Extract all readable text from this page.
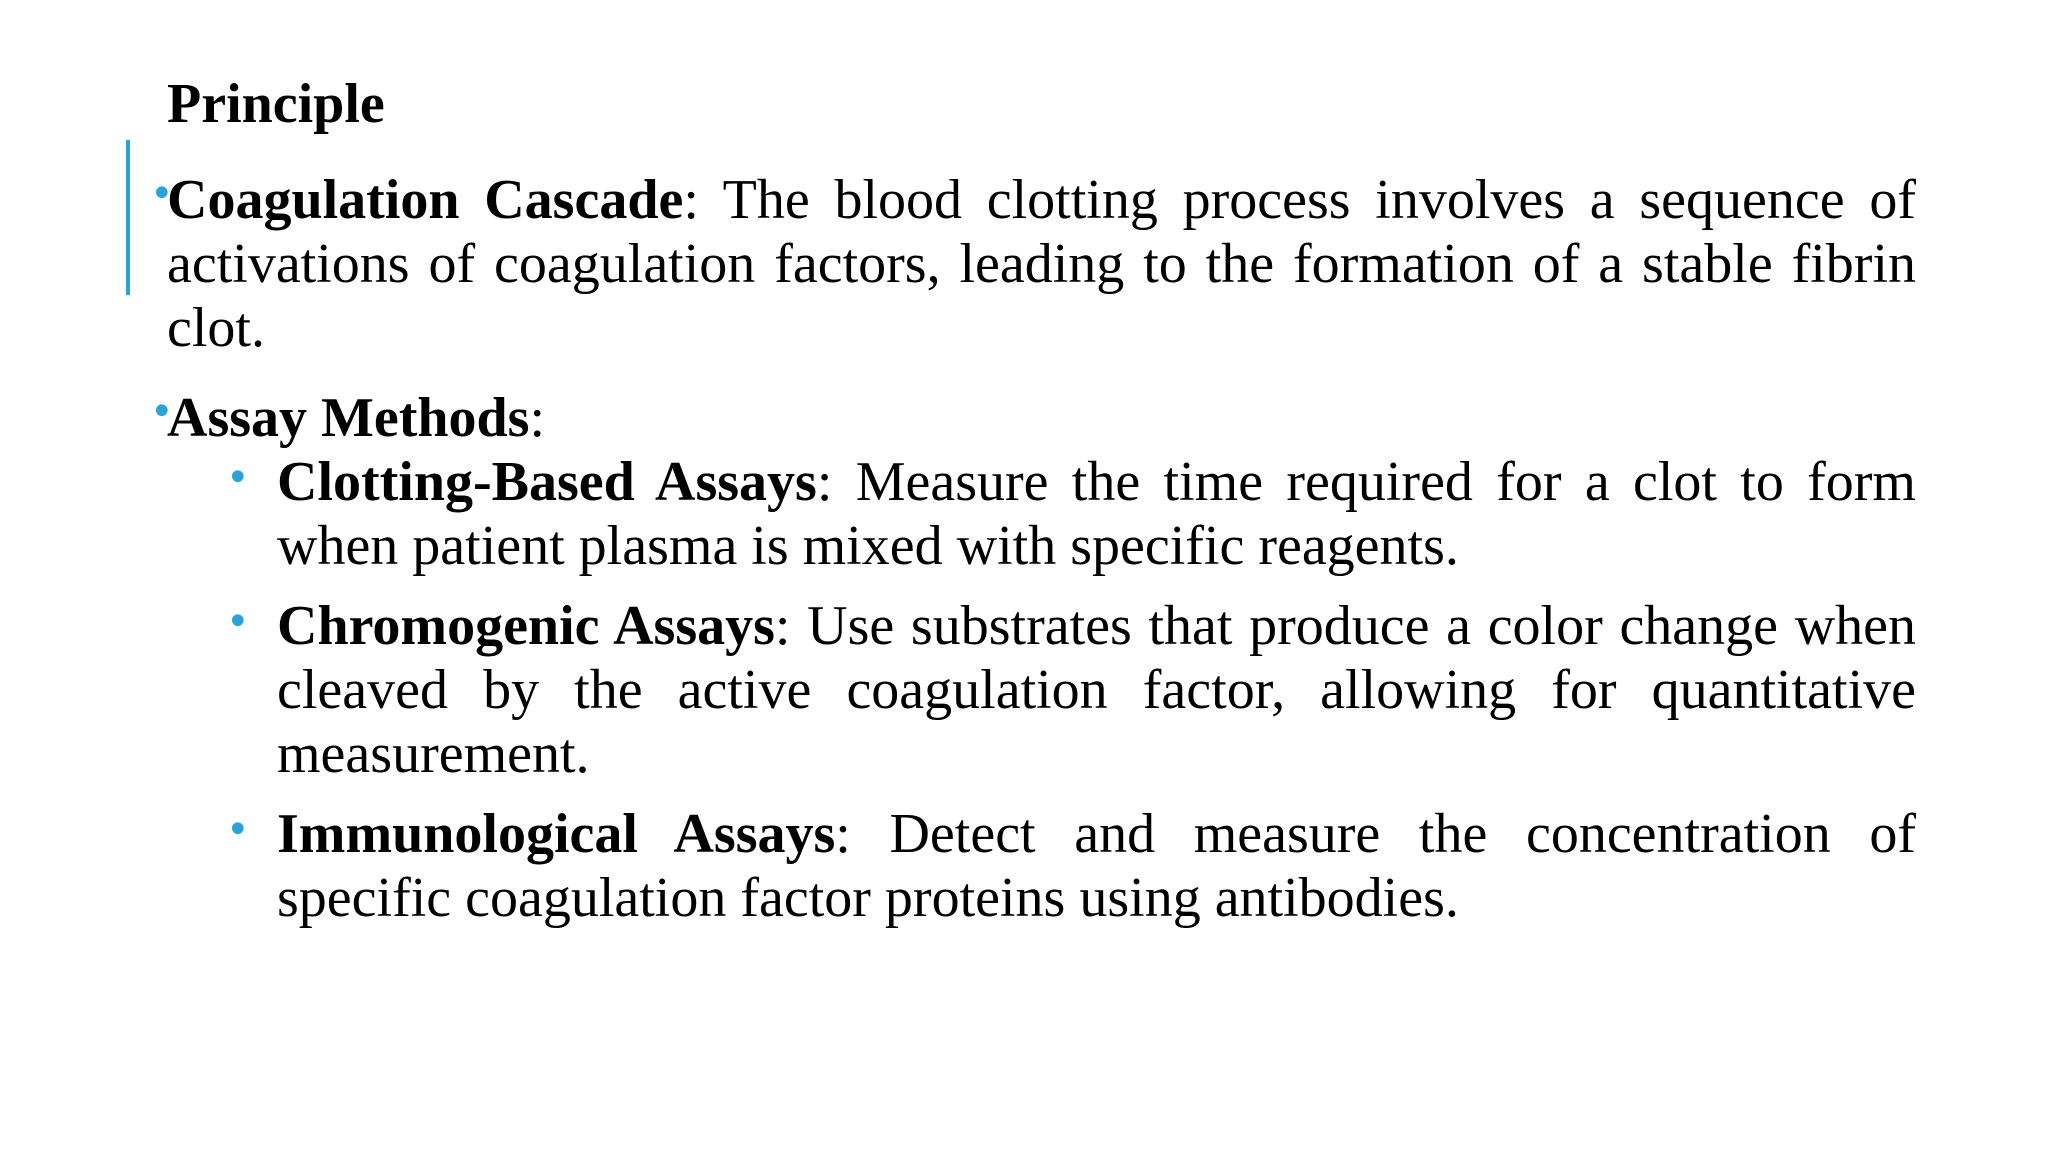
Principle
•
Coagulation Cascade: The blood clotting process involves a sequence of activations of coagulation factors, leading to the formation of a stable fibrin clot.
•
Assay Methods:
• Clotting-Based Assays: Measure the time required for a clot to form when patient plasma is mixed with specific reagents.
• Chromogenic Assays: Use substrates that produce a color change when cleaved by the active coagulation factor, allowing for quantitative measurement.
• Immunological Assays: Detect and measure the concentration of specific coagulation factor proteins using antibodies.
